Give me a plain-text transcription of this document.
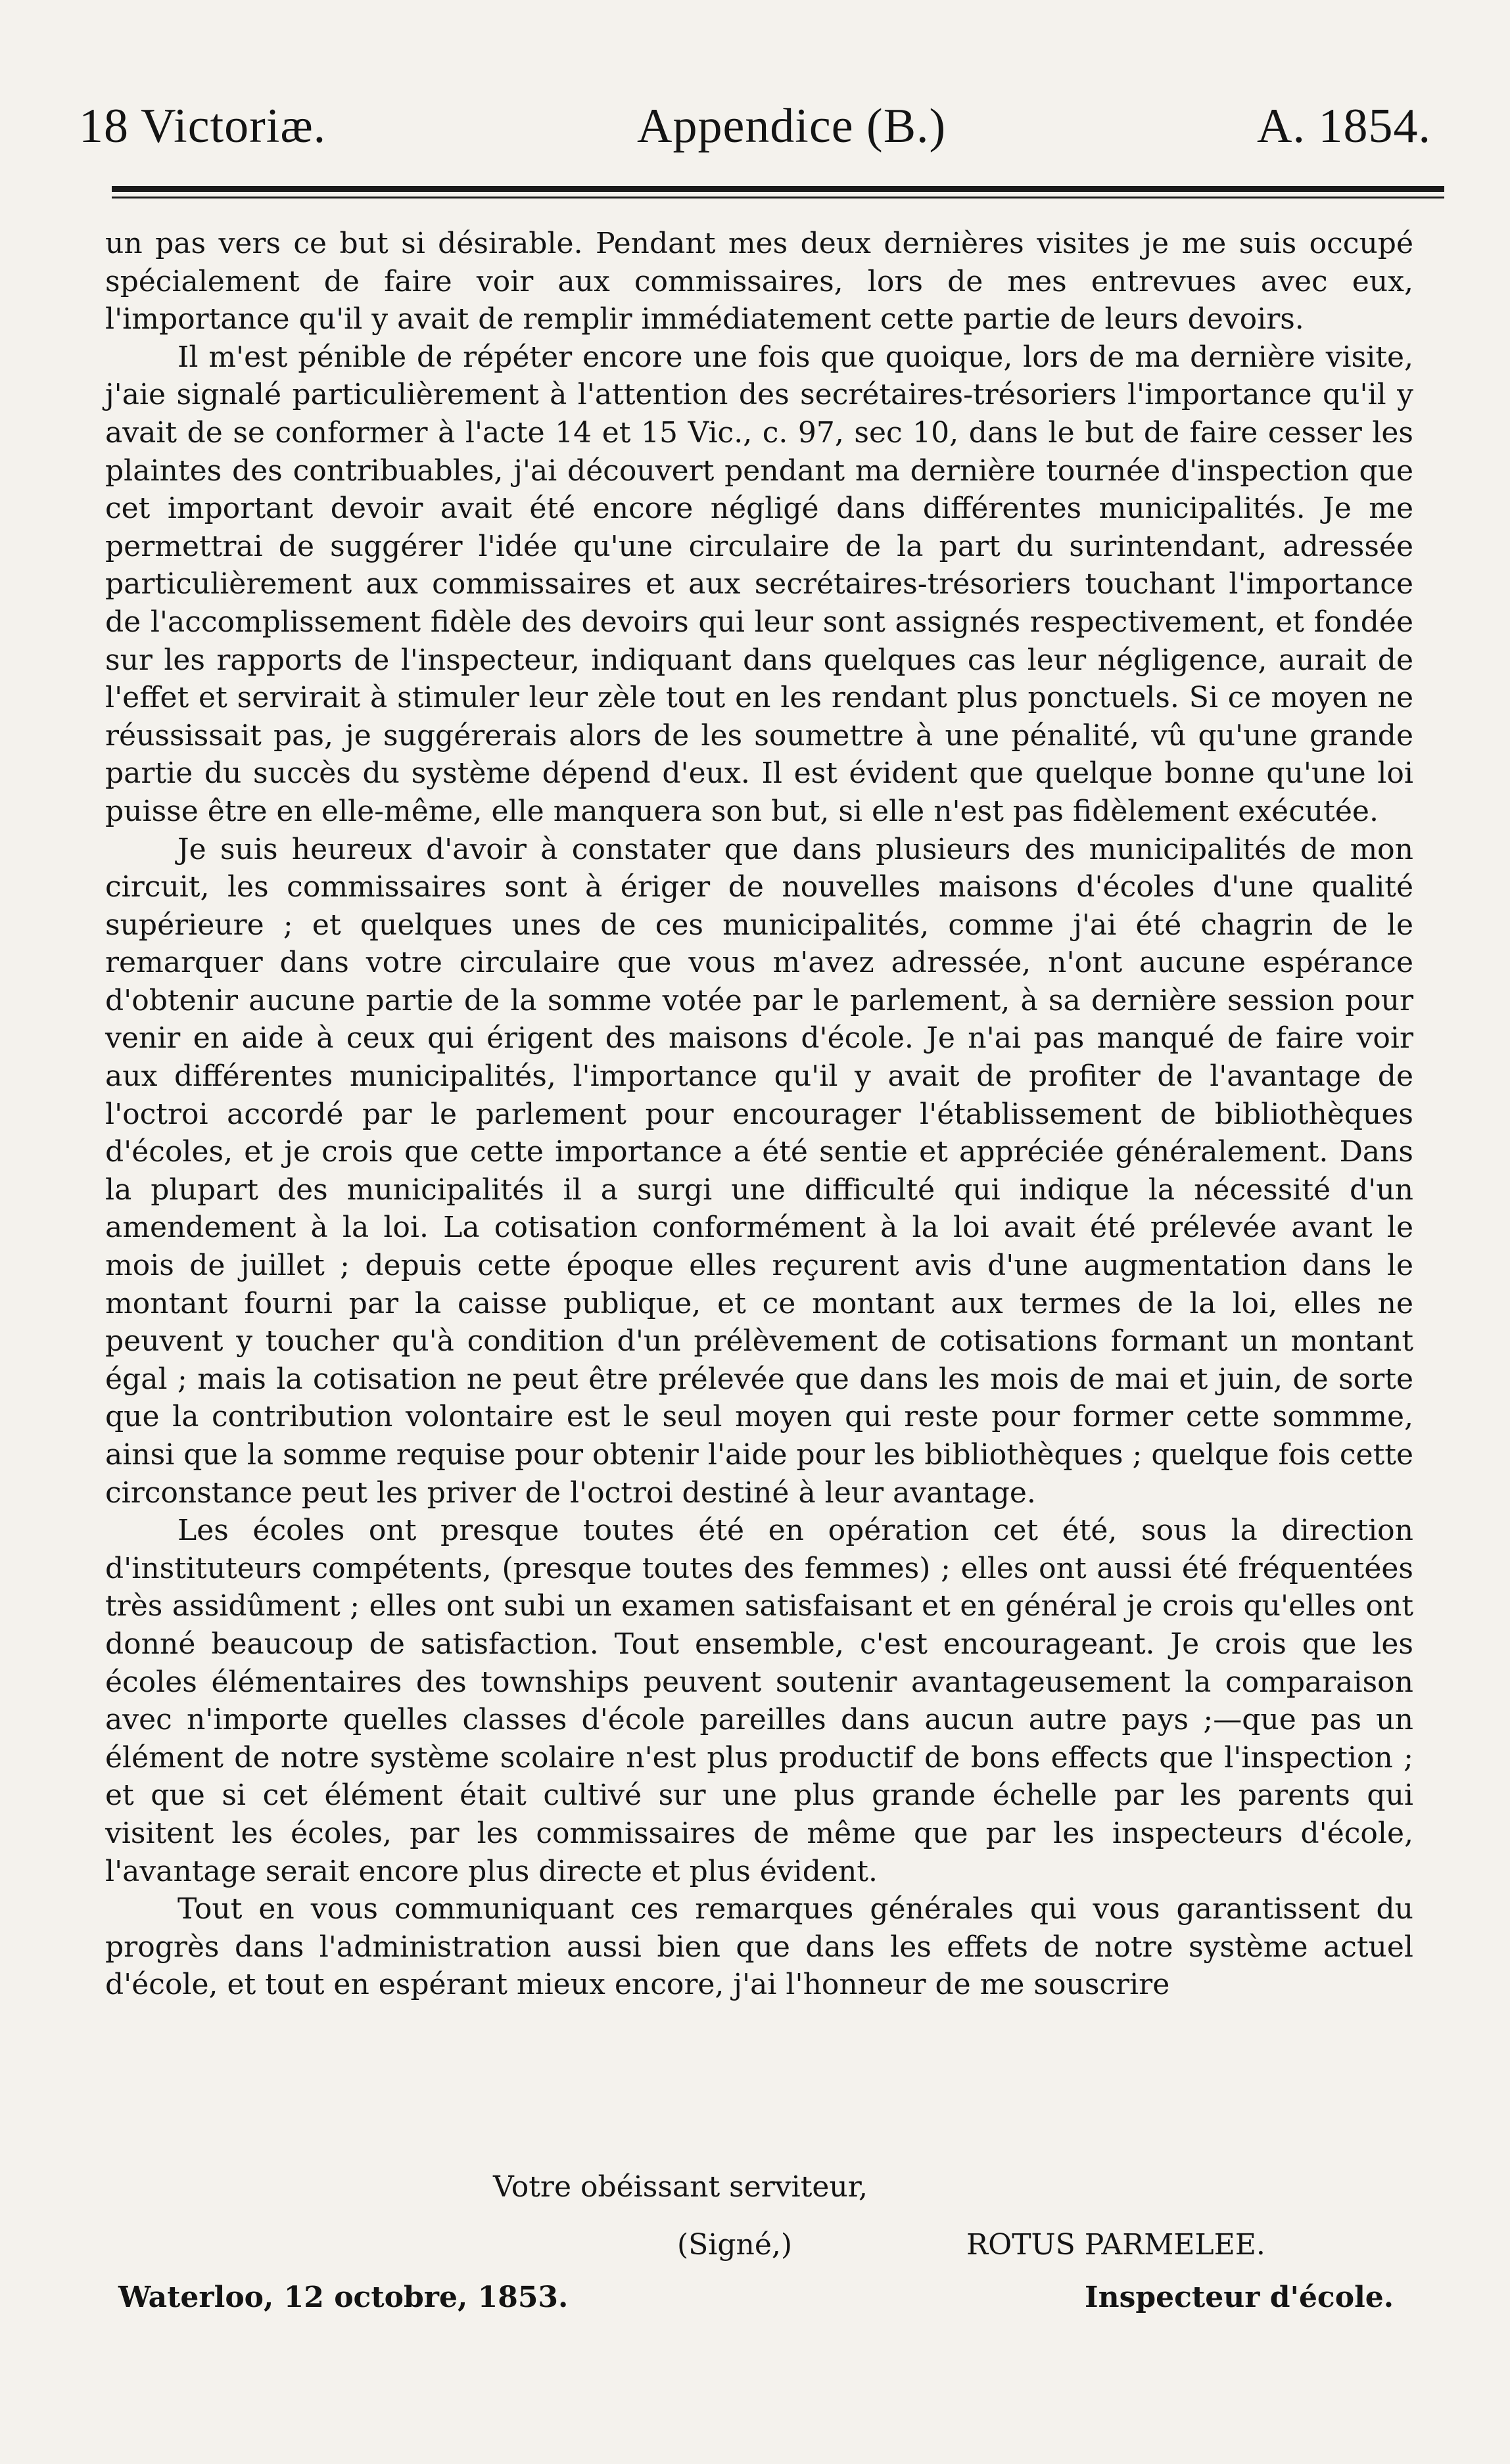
18 Victoriæ.	Appendice (B.)	A. 1854.

un pas vers ce but si désirable. Pendant mes deux dernières visites je me suis occupé spécialement de faire voir aux commissaires, lors de mes entrevues avec eux, l'importance qu'il y avait de remplir immédiatement cette partie de leurs devoirs.

Il m'est pénible de répéter encore une fois que quoique, lors de ma dernière visite, j'aie signalé particulièrement à l'attention des secrétaires-trésoriers l'importance qu'il y avait de se conformer à l'acte 14 et 15 Vic., c. 97, sec 10, dans le but de faire cesser les plaintes des contribuables, j'ai découvert pendant ma dernière tournée d'inspection que cet important devoir avait été encore négligé dans différentes municipalités. Je me permettrai de suggérer l'idée qu'une circulaire de la part du surintendant, adressée particulièrement aux commissaires et aux secrétaires-trésoriers touchant l'importance de l'accomplissement fidèle des devoirs qui leur sont assignés respectivement, et fondée sur les rapports de l'inspecteur, indiquant dans quelques cas leur négligence, aurait de l'effet et servirait à stimuler leur zèle tout en les rendant plus ponctuels. Si ce moyen ne réussissait pas, je suggérerais alors de les soumettre à une pénalité, vû qu'une grande partie du succès du système dépend d'eux. Il est évident que quelque bonne qu'une loi puisse être en elle-même, elle manquera son but, si elle n'est pas fidèlement exécutée.

Je suis heureux d'avoir à constater que dans plusieurs des municipalités de mon circuit, les commissaires sont à ériger de nouvelles maisons d'écoles d'une qualité supérieure ; et quelques unes de ces municipalités, comme j'ai été chagrin de le remarquer dans votre circulaire que vous m'avez adressée, n'ont aucune espérance d'obtenir aucune partie de la somme votée par le parlement, à sa dernière session pour venir en aide à ceux qui érigent des maisons d'école. Je n'ai pas manqué de faire voir aux différentes municipalités, l'importance qu'il y avait de profiter de l'avantage de l'octroi accordé par le parlement pour encourager l'établissement de bibliothèques d'écoles, et je crois que cette importance a été sentie et appréciée généralement. Dans la plupart des municipalités il a surgi une difficulté qui indique la nécessité d'un amendement à la loi. La cotisation conformément à la loi avait été prélevée avant le mois de juillet ; depuis cette époque elles reçurent avis d'une augmentation dans le montant fourni par la caisse publique, et ce montant aux termes de la loi, elles ne peuvent y toucher qu'à condition d'un prélèvement de cotisations formant un montant égal ; mais la cotisation ne peut être prélevée que dans les mois de mai et juin, de sorte que la contribution volontaire est le seul moyen qui reste pour former cette sommme, ainsi que la somme requise pour obtenir l'aide pour les bibliothèques ; quelque fois cette circonstance peut les priver de l'octroi destiné à leur avantage.

Les écoles ont presque toutes été en opération cet été, sous la direction d'instituteurs compétents, (presque toutes des femmes) ; elles ont aussi été fréquentées très assidûment ; elles ont subi un examen satisfaisant et en général je crois qu'elles ont donné beaucoup de satisfaction. Tout ensemble, c'est encourageant. Je crois que les écoles élémentaires des townships peuvent soutenir avantageusement la comparaison avec n'importe quelles classes d'école pareilles dans aucun autre pays ;—que pas un élément de notre système scolaire n'est plus productif de bons effects que l'inspection ; et que si cet élément était cultivé sur une plus grande échelle par les parents qui visitent les écoles, par les commissaires de même que par les inspecteurs d'école, l'avantage serait encore plus directe et plus évident.

Tout en vous communiquant ces remarques générales qui vous garantissent du progrès dans l'administration aussi bien que dans les effets de notre système actuel d'école, et tout en espérant mieux encore, j'ai l'honneur de me souscrire

Votre obéissant serviteur,
(Signé,)	ROTUS PARMELEE.
Waterloo, 12 octobre, 1853.	Inspecteur d'école.
